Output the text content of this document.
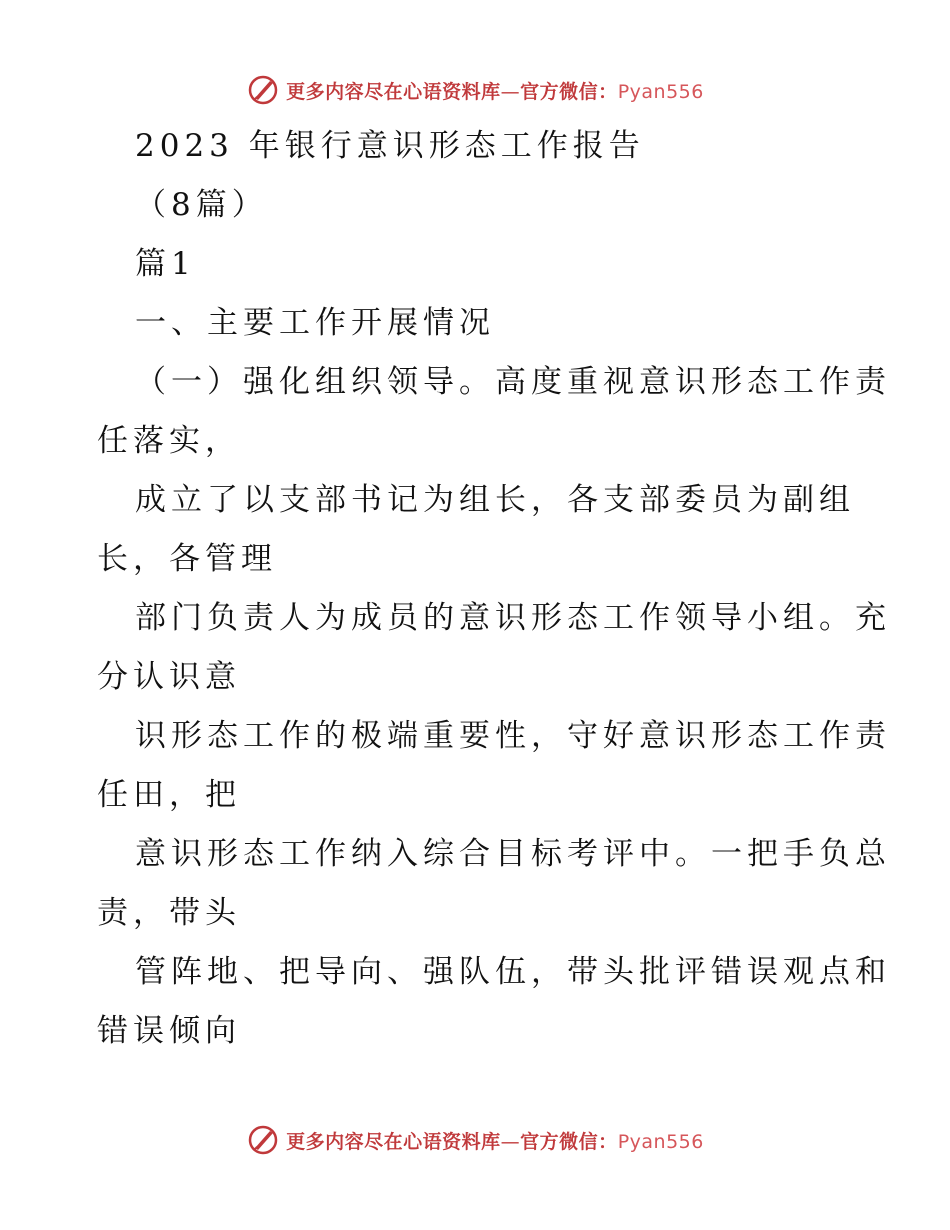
更多内容尽在心语资料库—官方微信：Pyan556
2023 年银行意识形态工作报告
（8篇）
篇1
一、主要工作开展情况
（一）强化组织领导。高度重视意识形态工作责
任落实，
成立了以支部书记为组长，各支部委员为副组
长，各管理
部门负责人为成员的意识形态工作领导小组。充
分认识意
识形态工作的极端重要性，守好意识形态工作责
任田，把
意识形态工作纳入综合目标考评中。一把手负总
责，带头
管阵地、把导向、强队伍，带头批评错误观点和
错误倾向
更多内容尽在心语资料库—官方微信：Pyan556
